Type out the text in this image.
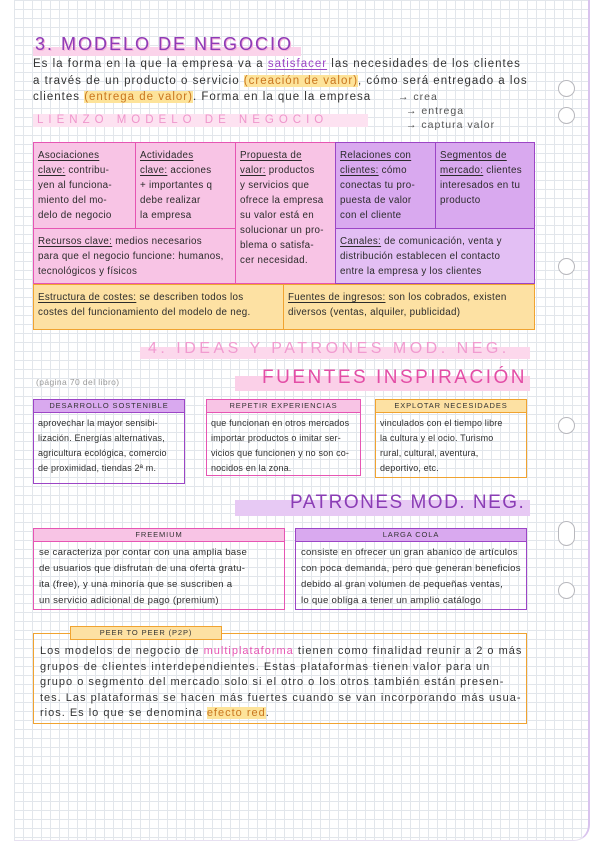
3. MODELO DE NEGOCIO
Es la forma en la que la empresa va a satisfacer las necesidades de los clientes
a través de un producto o servicio (creación de valor), cómo será entregado a los
clientes (entrega de valor). Forma en la que la empresa	→ crea
→ entrega
→ captura valor
LIENZO MODELO DE NEGOCIO
Asociaciones
clave: contribu-
yen al funciona-
miento del mo-
delo de negocio
Actividades
clave: acciones
+ importantes q
debe realizar
la empresa
Propuesta de
valor: productos
y servicios que
ofrece la empresa
su valor está en
solucionar un pro-
blema o satisfa-
cer necesidad.
Relaciones con
clientes: cómo
conectas tu pro-
puesta de valor
con el cliente
Segmentos de
mercado: clientes
interesados en tu
producto
Recursos clave: medios necesarios
para que el negocio funcione: humanos,
tecnológicos y físicos
Canales: de comunicación, venta y
distribución establecen el contacto
entre la empresa y los clientes
Estructura de costes: se describen todos los
costes del funcionamiento del modelo de neg.
Fuentes de ingresos: son los cobrados, existen
diversos (ventas, alquiler, publicidad)
4. IDEAS Y PATRONES MOD. NEG.
(página 70 del libro)	FUENTES INSPIRACIÓN
DESARROLLO SOSTENIBLE
aprovechar la mayor sensibi-
lización. Energías alternativas,
agricultura ecológica, comercio
de proximidad, tiendas 2ª m.
REPETIR EXPERIENCIAS
que funcionan en otros mercados
importar productos o imitar ser-
vicios que funcionen y no son co-
nocidos en la zona.
EXPLOTAR NECESIDADES
vinculados con el tiempo libre
la cultura y el ocio. Turismo
rural, cultural, aventura,
deportivo, etc.
PATRONES MOD. NEG.
FREEMIUM
se caracteriza por contar con una amplia base
de usuarios que disfrutan de una oferta gratu-
ita (free), y una minoría que se suscriben a
un servicio adicional de pago (premium)
LARGA COLA
consiste en ofrecer un gran abanico de artículos
con poca demanda, pero que generan beneficios
debido al gran volumen de pequeñas ventas,
lo que obliga a tener un amplio catálogo
PEER TO PEER (P2P)
Los modelos de negocio de multiplataforma tienen como finalidad reunir a 2 o más
grupos de clientes interdependientes. Estas plataformas tienen valor para un
grupo o segmento del mercado solo si el otro o los otros también están presen-
tes. Las plataformas se hacen más fuertes cuando se van incorporando más usua-
rios. Es lo que se denomina efecto red.
